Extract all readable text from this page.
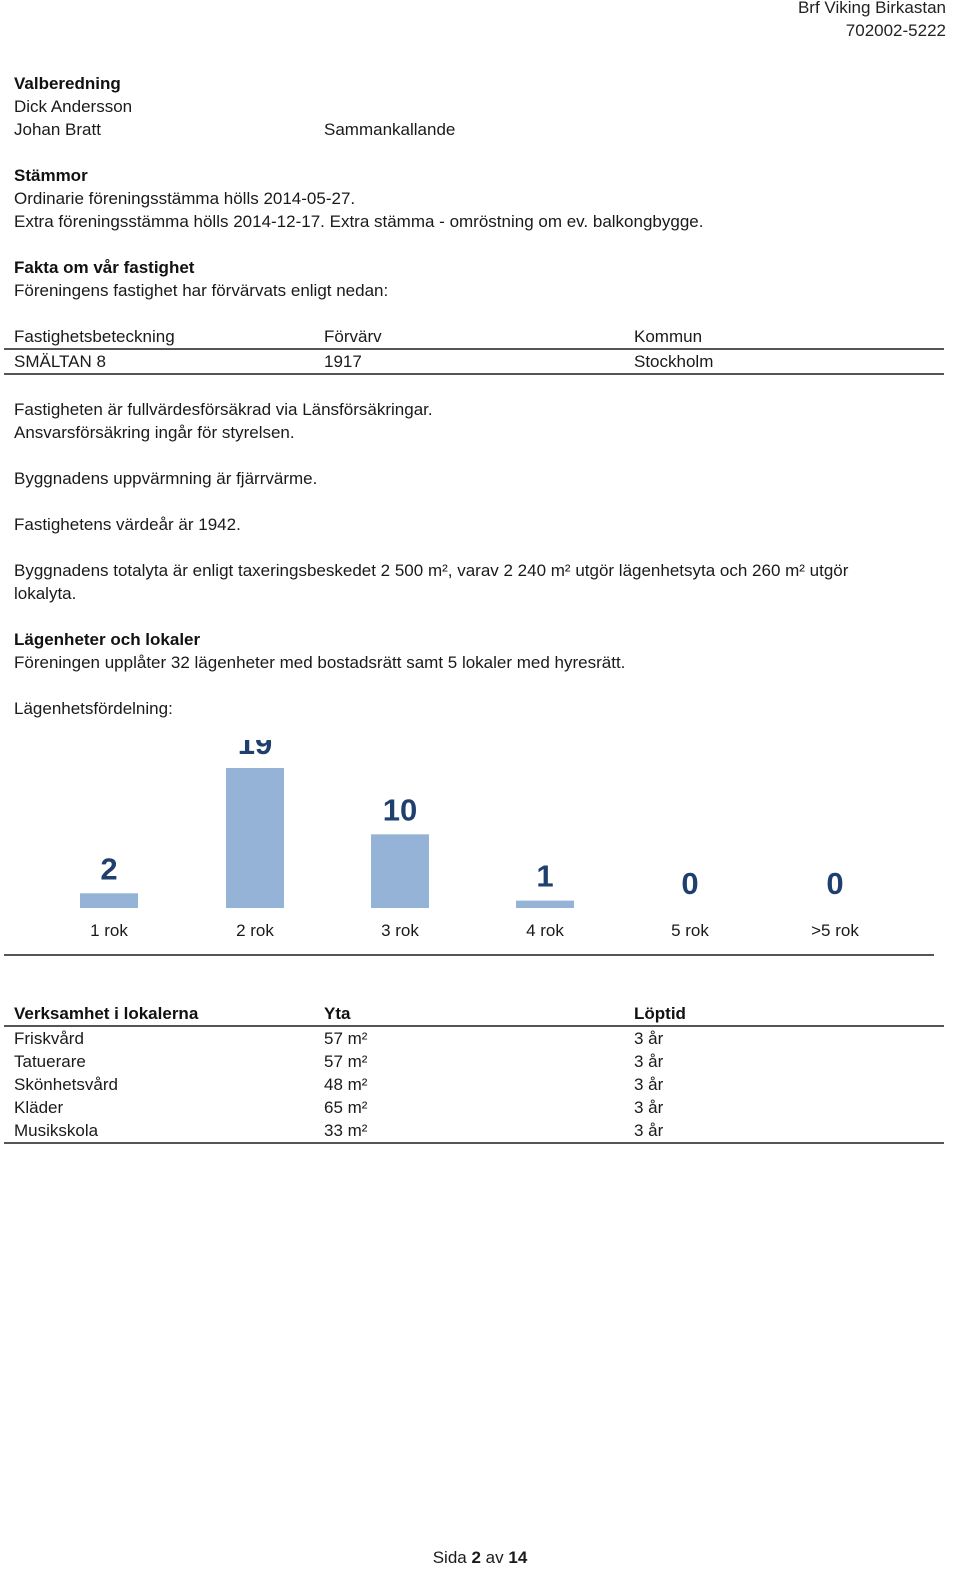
Brf Viking Birkastan
702002-5222
Valberedning
Dick Andersson
Johan Bratt	Sammankallande
Stämmor
Ordinarie föreningsstämma hölls 2014-05-27.
Extra föreningsstämma hölls 2014-12-17. Extra stämma - omröstning om ev. balkongbygge.
Fakta om vår fastighet
Föreningens fastighet har förvärvats enligt nedan:
Fastighetsbeteckning	Förvärv	Kommun
SMÄLTAN 8	1917	Stockholm
Fastigheten är fullvärdesförsäkrad via Länsförsäkringar.
Ansvarsförsäkring ingår för styrelsen.
Byggnadens uppvärmning är fjärrvärme.
Fastighetens värdeår är 1942.
Byggnadens totalyta är enligt taxeringsbeskedet 2 500 m², varav 2 240 m² utgör lägenhetsyta och 260 m² utgör
lokalyta.
Lägenheter och lokaler
Föreningen upplåter 32 lägenheter med bostadsrätt samt 5 lokaler med hyresrätt.
Lägenhetsfördelning:
2
1 rok
19
2 rok
10
3 rok
1
4 rok
0
5 rok
0
>5 rok
Verksamhet i lokalerna	Yta	Löptid
Friskvård	57 m²	3 år
Tatuerare	57 m²	3 år
Skönhetsvård	48 m²	3 år
Kläder	65 m²	3 år
Musikskola	33 m²	3 år
Sida 2 av 14
